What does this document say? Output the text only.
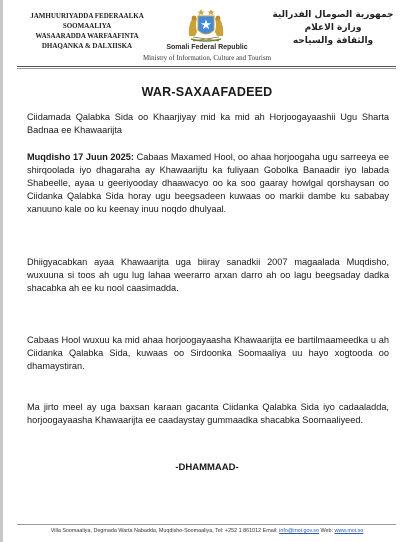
JAMHUURIYADDA FEDERAALKA
SOOMAALIYA
WASAARADDA WARFAAFINTA
DHAQANKA & DALXIISKA
جمهورية الصومال الفدرالية
وزارة الاعلام
والثقافة والسياحه
Somali Federal Republic
Ministry of Information, Culture and Tourism
WAR-SAXAAFADEED

Ciidamada Qalabka Sida oo Khaarjiyay mid ka mid ah Horjoogayaashii Ugu Sharta Badnaa ee Khawaarijta

Muqdisho 17 Juun 2025: Cabaas Maxamed Hool, oo ahaa horjoogaha ugu sarreeya ee shirqoolada iyo dhagaraha ay Khawaarijtu ka fuliyaan Gobolka Banaadir iyo labada Shabeelle, ayaa u geeriyooday dhaawacyo oo ka soo gaaray howlgal qorshaysan oo Ciidanka Qalabka Sida horay ugu beegsadeen kuwaas oo markii dambe ku sababay xanuuno kale oo ku keenay inuu noqdo dhulyaal.

Dhiigyacabkan ayaa Khawaarijta uga biiray sanadkii 2007 magaalada Muqdisho, wuxuuna si toos ah ugu lug lahaa weerarro arxan darro ah oo lagu beegsaday dadka shacabka ah ee ku nool caasimadda.

Cabaas Hool wuxuu ka mid ahaa horjoogayaasha Khawaarijta ee bartilmaameedka u ah Ciidanka Qalabka Sida, kuwaas oo Sirdoonka Soomaaliya uu hayo xogtooda oo dhamaystiran.

Ma jirto meel ay uga baxsan karaan gacanta Ciidanka Qalabka Sida iyo cadaaladda, horjoogayaasha Khawaarijta ee caadaystay gummaadka shacabka Soomaaliyeed.

-DHAMMAAD-
Villa Soomaaliya, Degmada Warta Nabadda, Muqdisho-Soomaaliya, Tel: +252 1 861012 Email: info@moi.gov.so Web: www.moi.so
